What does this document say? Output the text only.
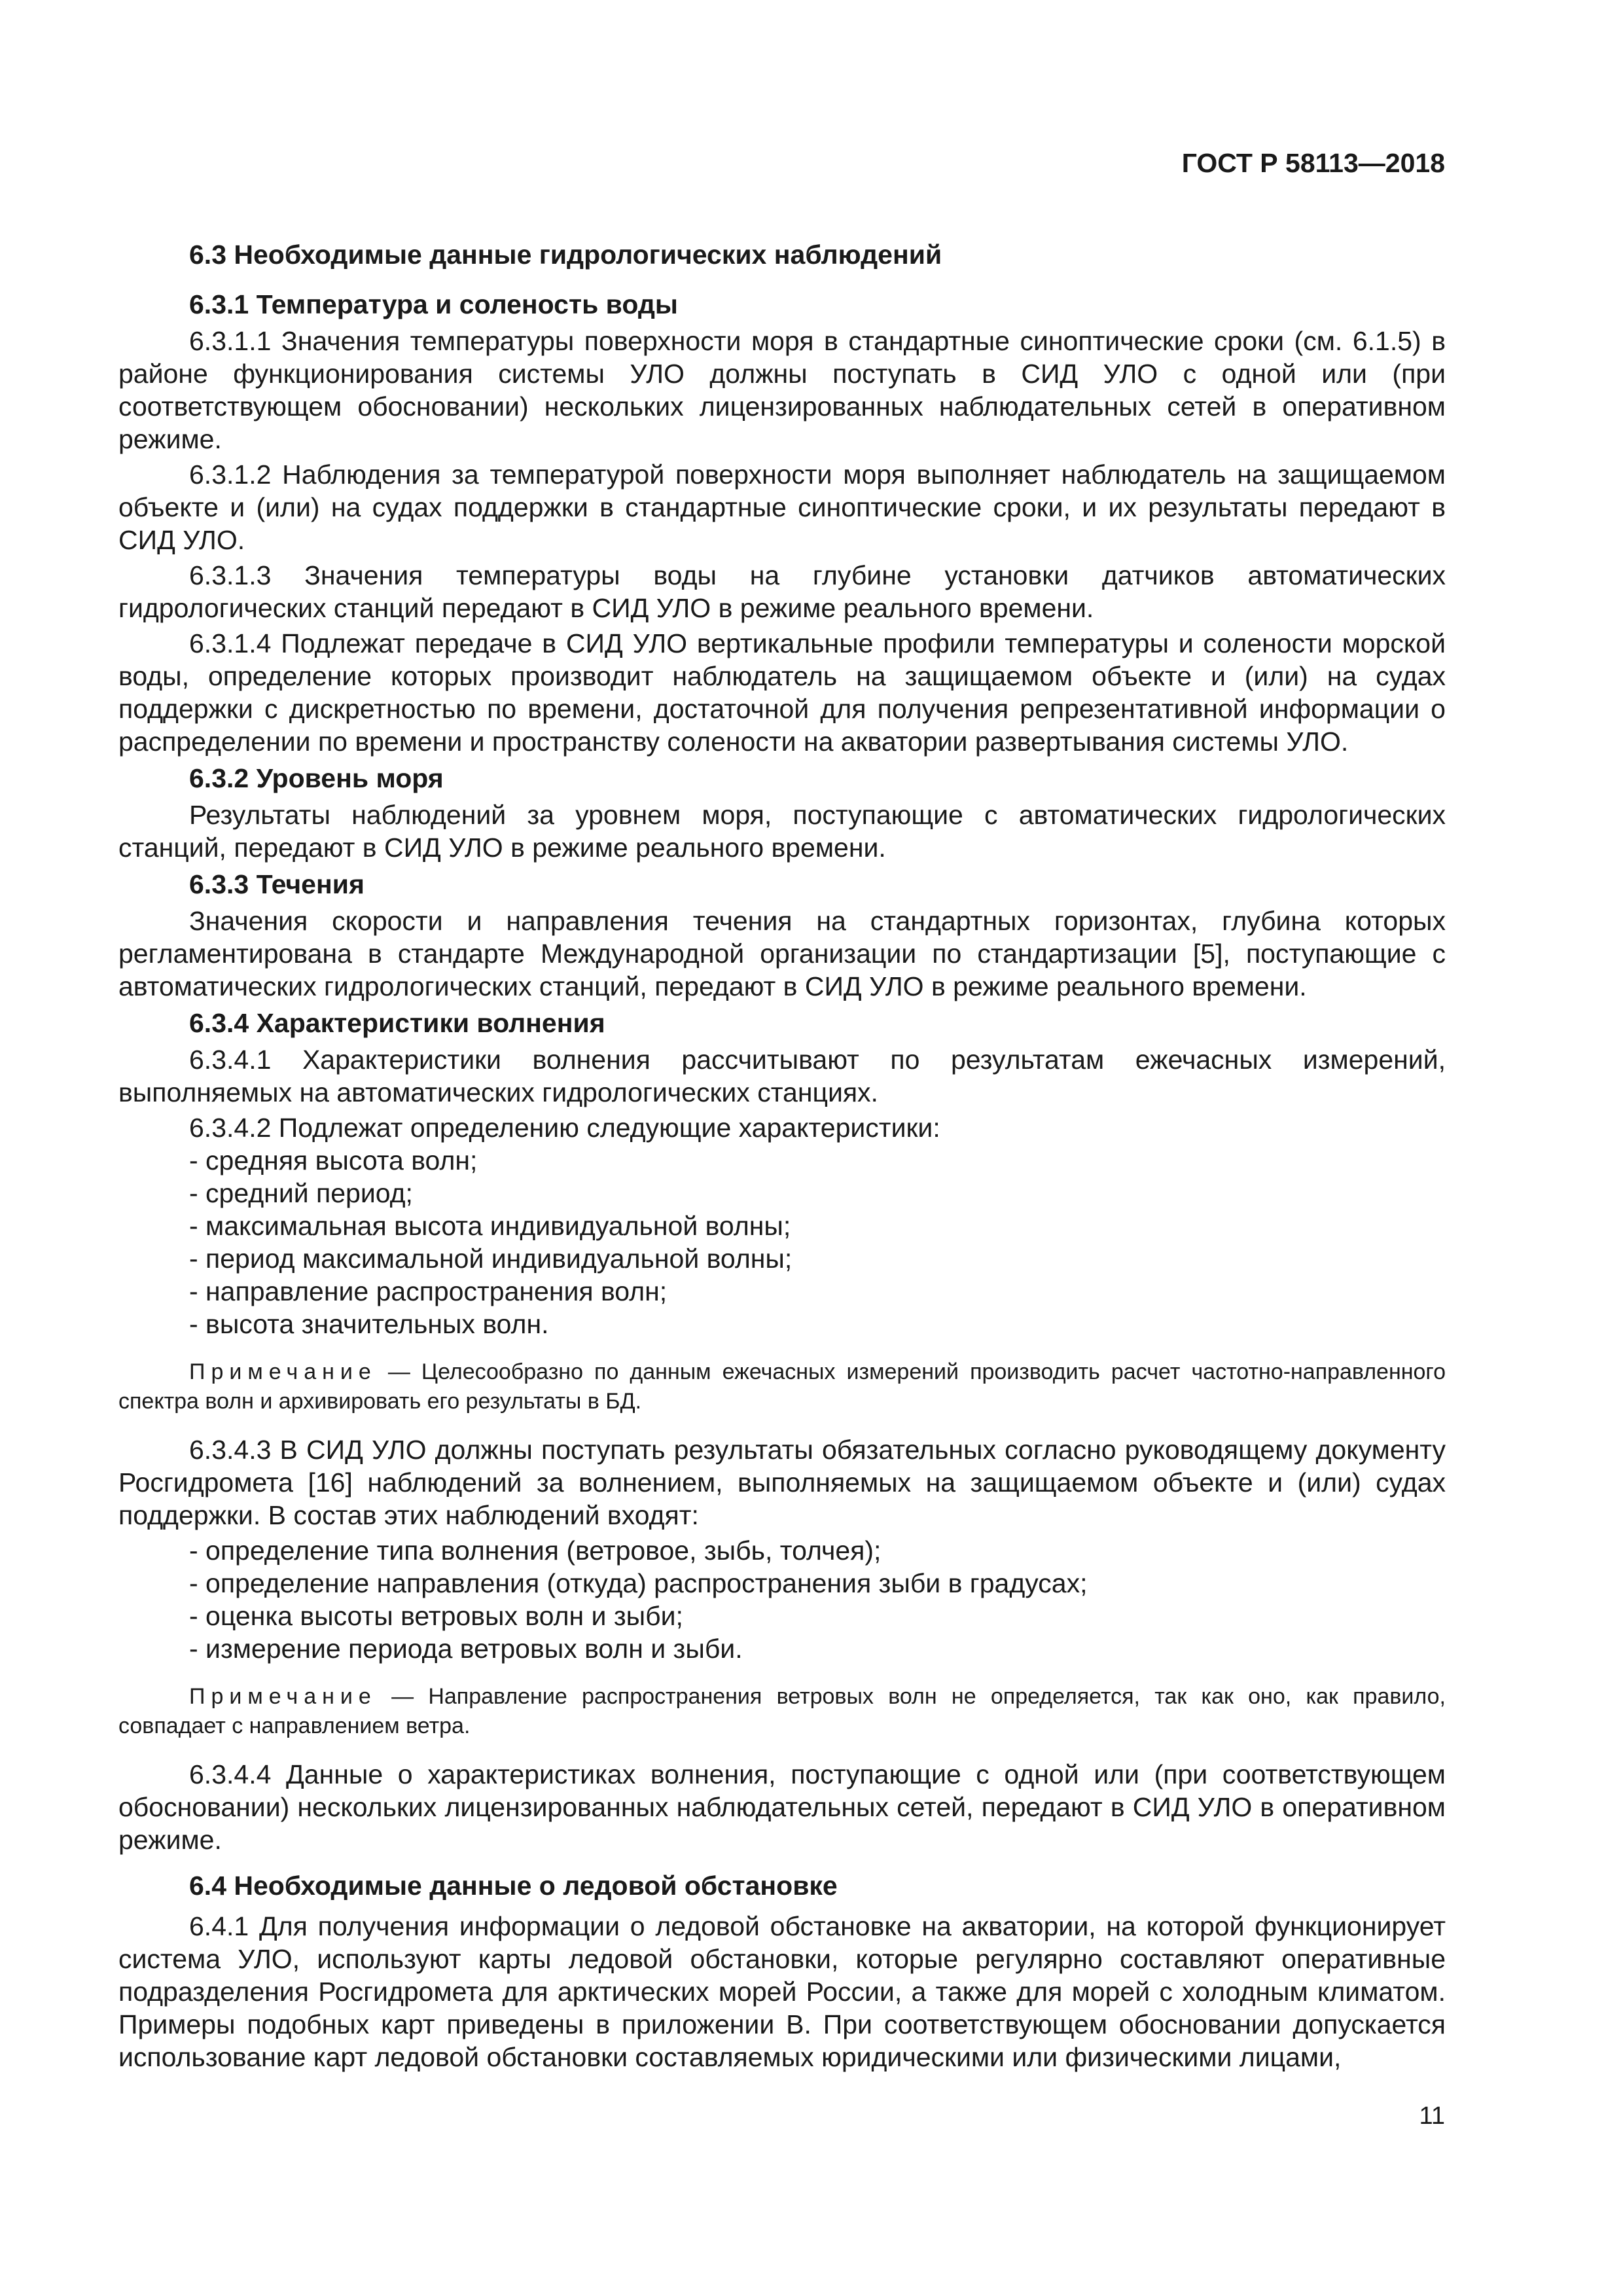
ГОСТ Р 58113—2018

6.3 Необходимые данные гидрологических наблюдений

6.3.1 Температура и соленость воды

6.3.1.1 Значения температуры поверхности моря в стандартные синоптические сроки (см. 6.1.5) в районе функционирования системы УЛО должны поступать в СИД УЛО с одной или (при соответствующем обосновании) нескольких лицензированных наблюдательных сетей в оперативном режиме.

6.3.1.2 Наблюдения за температурой поверхности моря выполняет наблюдатель на защищаемом объекте и (или) на судах поддержки в стандартные синоптические сроки, и их результаты передают в СИД УЛО.

6.3.1.3 Значения температуры воды на глубине установки датчиков автоматических гидрологических станций передают в СИД УЛО в режиме реального времени.

6.3.1.4 Подлежат передаче в СИД УЛО вертикальные профили температуры и солености морской воды, определение которых производит наблюдатель на защищаемом объекте и (или) на судах поддержки с дискретностью по времени, достаточной для получения репрезентативной информации о распределении по времени и пространству солености на акватории развертывания системы УЛО.

6.3.2 Уровень моря

Результаты наблюдений за уровнем моря, поступающие с автоматических гидрологических станций, передают в СИД УЛО в режиме реального времени.

6.3.3 Течения

Значения скорости и направления течения на стандартных горизонтах, глубина которых регламентирована в стандарте Международной организации по стандартизации [5], поступающие с автоматических гидрологических станций, передают в СИД УЛО в режиме реального времени.

6.3.4 Характеристики волнения

6.3.4.1 Характеристики волнения рассчитывают по результатам ежечасных измерений, выполняемых на автоматических гидрологических станциях.

6.3.4.2 Подлежат определению следующие характеристики:

- средняя высота волн;

- средний период;

- максимальная высота индивидуальной волны;

- период максимальной индивидуальной волны;

- направление распространения волн;

- высота значительных волн.

Примечание — Целесообразно по данным ежечасных измерений производить расчет частотно-направленного спектра волн и архивировать его результаты в БД.

6.3.4.3 В СИД УЛО должны поступать результаты обязательных согласно руководящему документу Росгидромета [16] наблюдений за волнением, выполняемых на защищаемом объекте и (или) судах поддержки. В состав этих наблюдений входят:

- определение типа волнения (ветровое, зыбь, толчея);

- определение направления (откуда) распространения зыби в градусах;

- оценка высоты ветровых волн и зыби;

- измерение периода ветровых волн и зыби.

Примечание — Направление распространения ветровых волн не определяется, так как оно, как правило, совпадает с направлением ветра.

6.3.4.4 Данные о характеристиках волнения, поступающие с одной или (при соответствующем обосновании) нескольких лицензированных наблюдательных сетей, передают в СИД УЛО в оперативном режиме.

6.4 Необходимые данные о ледовой обстановке

6.4.1 Для получения информации о ледовой обстановке на акватории, на которой функционирует система УЛО, используют карты ледовой обстановки, которые регулярно составляют оперативные подразделения Росгидромета для арктических морей России, а также для морей с холодным климатом. Примеры подобных карт приведены в приложении В. При соответствующем обосновании допускается использование карт ледовой обстановки составляемых юридическими или физическими лицами,

11
